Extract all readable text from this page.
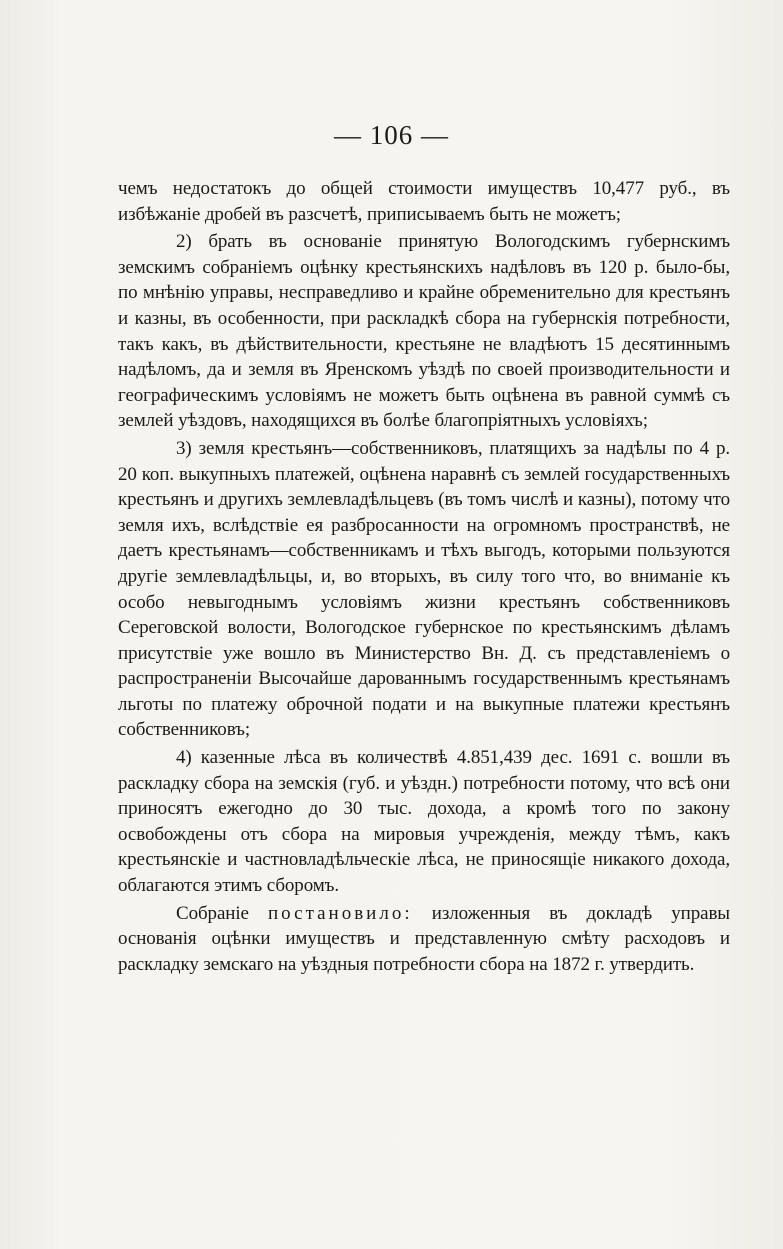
— 106 —

чемъ недостатокъ до общей стоимости имуществъ 10,477 руб., въ избѣжаніе дробей въ разсчетѣ, приписываемъ быть не можетъ;

2) брать въ основаніе принятую Вологодскимъ губернскимъ земскимъ собраніемъ оцѣнку крестьянскихъ надѣловъ въ 120 р. было-бы, по мнѣнію управы, несправедливо и крайне обременительно для крестьянъ и казны, въ особенности, при раскладкѣ сбора на губернскія потребности, такъ какъ, въ дѣйствительности, крестьяне не владѣютъ 15 десятиннымъ надѣломъ, да и земля въ Яренскомъ уѣздѣ по своей производительности и географическимъ условіямъ не можетъ быть оцѣнена въ равной суммѣ съ землей уѣздовъ, находящихся въ болѣе благопріятныхъ условіяхъ;

3) земля крестьянъ—собственниковъ, платящихъ за надѣлы по 4 р. 20 коп. выкупныхъ платежей, оцѣнена наравнѣ съ землей государственныхъ крестьянъ и другихъ землевладѣльцевъ (въ томъ числѣ и казны), потому что земля ихъ, вслѣдствіе ея разбросанности на огромномъ пространствѣ, не даетъ крестьянамъ—собственникамъ и тѣхъ выгодъ, которыми пользуются другіе землевладѣльцы, и, во вторыхъ, въ силу того что, во вниманіе къ особо невыгоднымъ условіямъ жизни крестьянъ собственниковъ Сереговской волости, Вологодское губернское по крестьянскимъ дѣламъ присутствіе уже вошло въ Министерство Вн. Д. съ представленіемъ о распространеніи Высочайше дарованнымъ государственнымъ крестьянамъ льготы по платежу оброчной подати и на выкупные платежи крестьянъ собственниковъ;

4) казенные лѣса въ количествѣ 4.851,439 дес. 1691 с. вошли въ раскладку сбора на земскія (губ. и уѣздн.) потребности потому, что всѣ они приносятъ ежегодно до 30 тыс. дохода, а кромѣ того по закону освобождены отъ сбора на мировыя учрежденія, между тѣмъ, какъ крестьянскіе и частновладѣльческіе лѣса, не приносящіе никакого дохода, облагаются этимъ сборомъ.

Собраніе постановило: изложенныя въ докладѣ управы основанія оцѣнки имуществъ и представленную смѣту расходовъ и раскладку земскаго на уѣздныя потребности сбора на 1872 г. утвердить.
